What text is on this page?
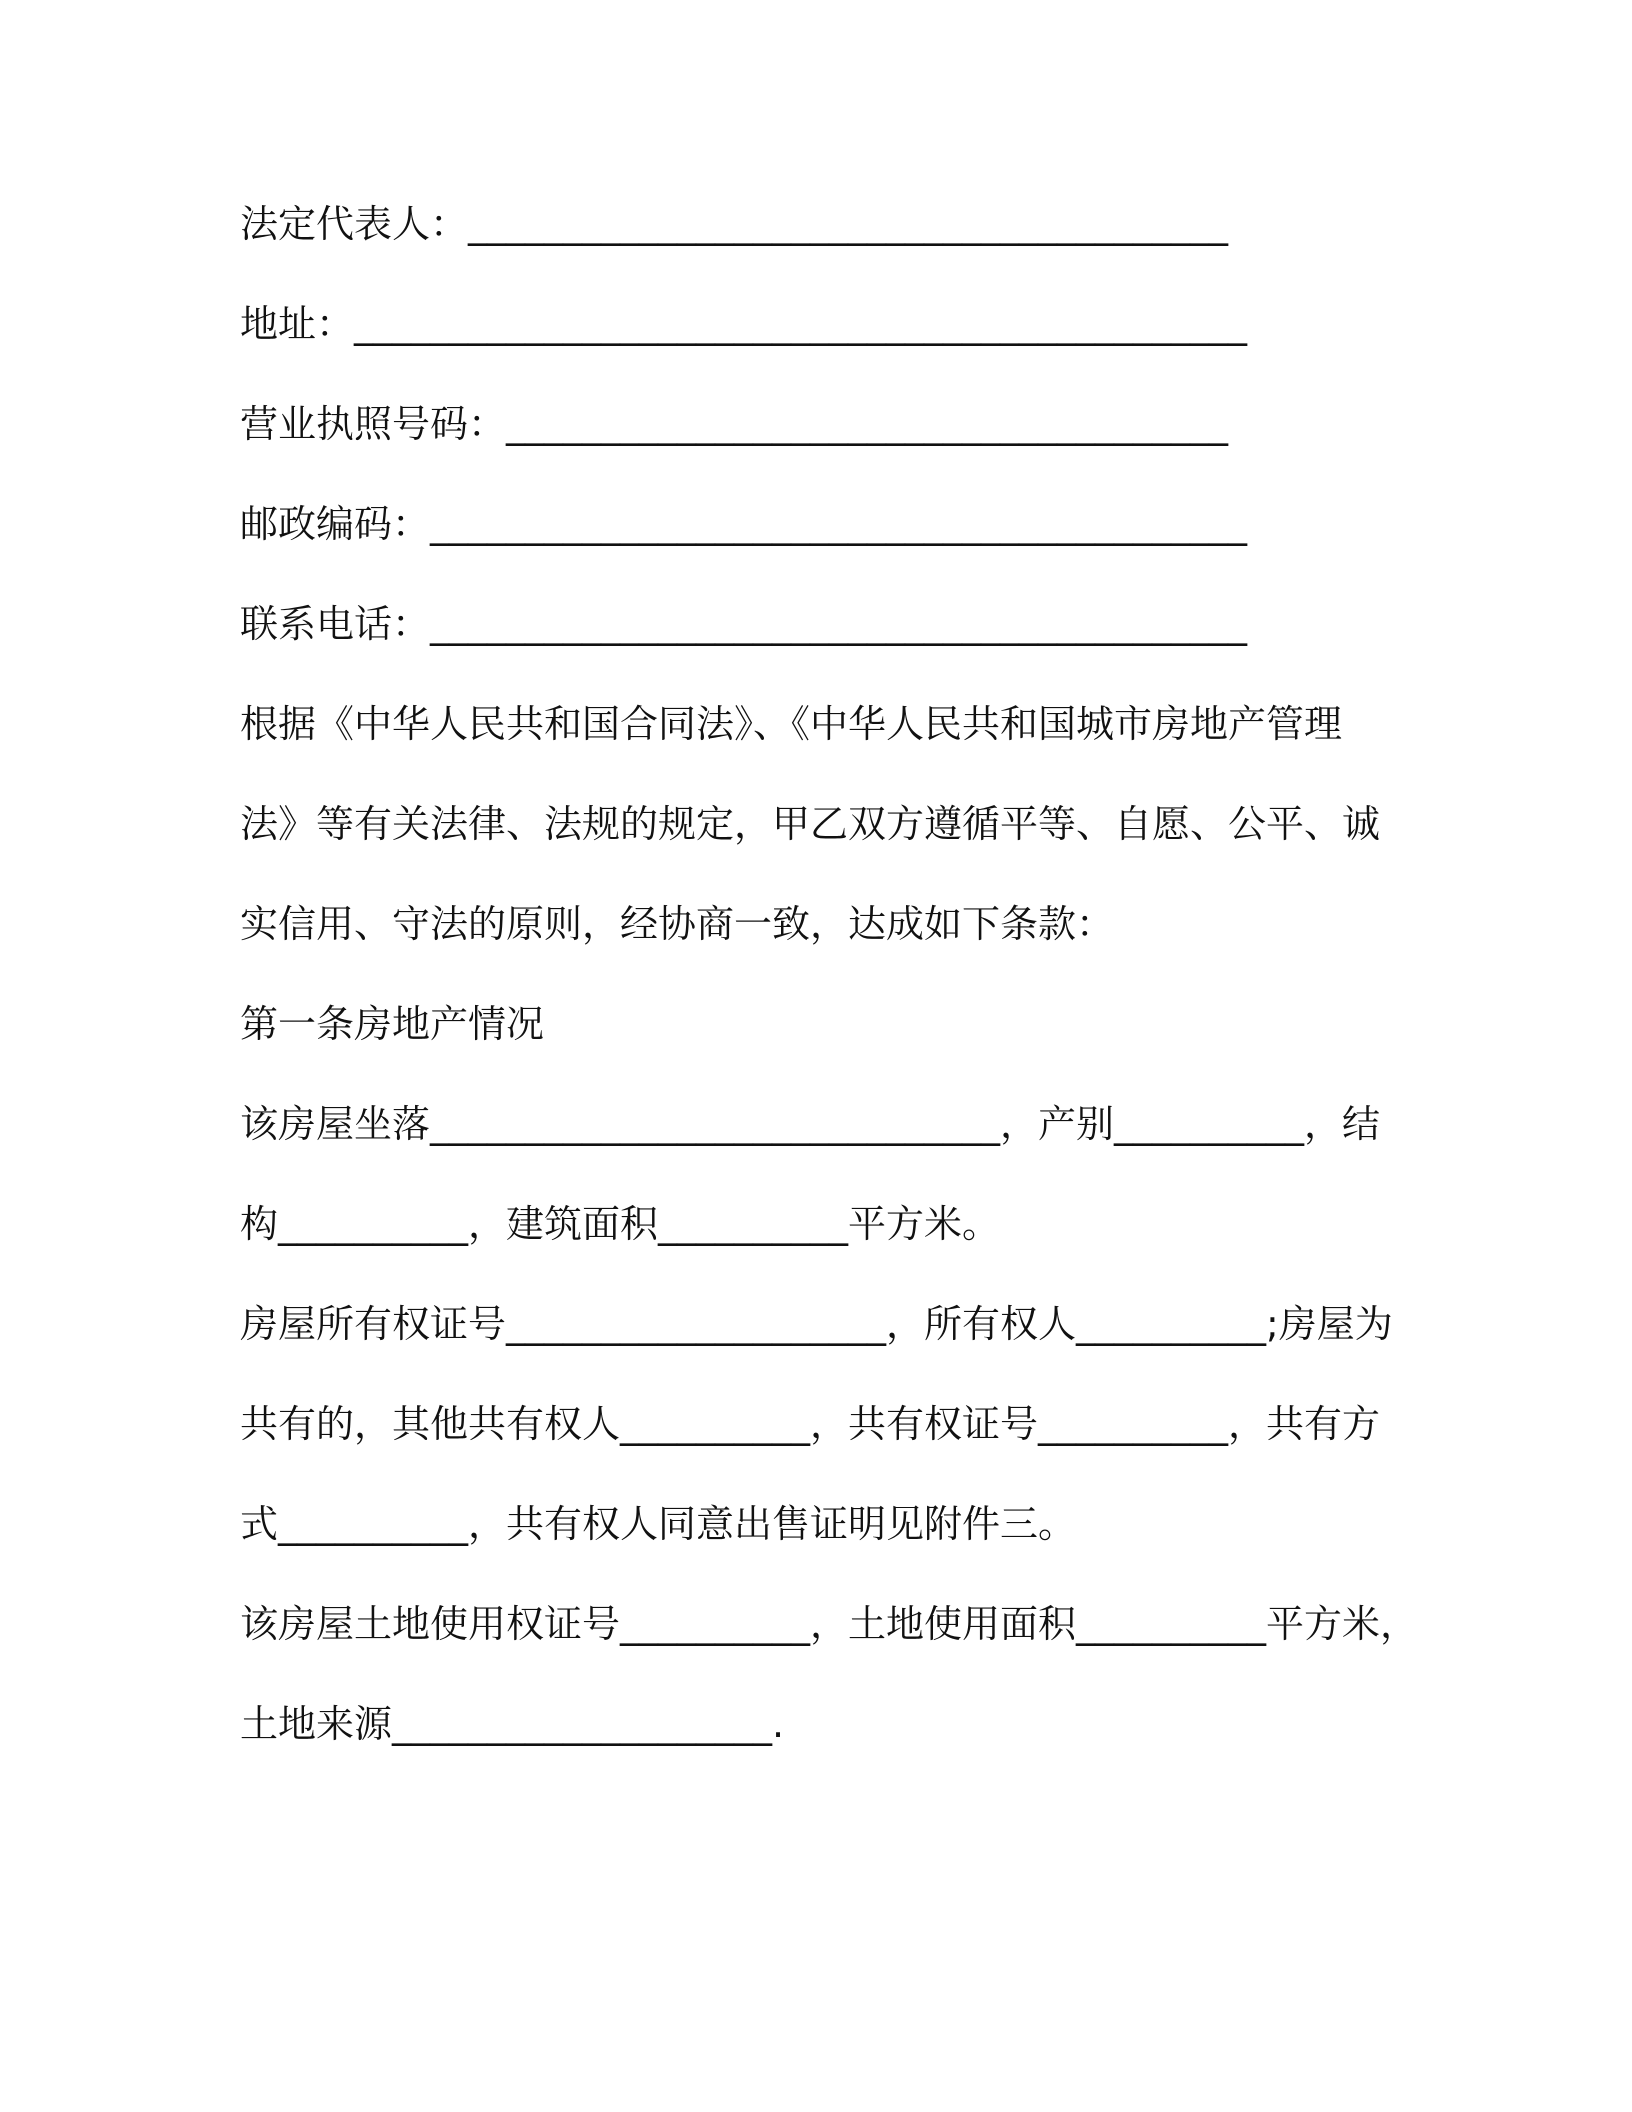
法定代表人：________________________________________
地址：_______________________________________________
营业执照号码：______________________________________
邮政编码：___________________________________________
联系电话：___________________________________________
根据《中华人民共和国合同法》、《中华人民共和国城市房地产管理
法》等有关法律、法规的规定，甲乙双方遵循平等、自愿、公平、诚
实信用、守法的原则，经协商一致，达成如下条款：
第一条房地产情况
该房屋坐落______________________________，产别__________，结
构__________，建筑面积__________平方米。
房屋所有权证号____________________，所有权人__________;房屋为
共有的，其他共有权人__________，共有权证号__________，共有方
式__________，共有权人同意出售证明见附件三。
该房屋土地使用权证号__________，土地使用面积__________平方米，
土地来源____________________.
